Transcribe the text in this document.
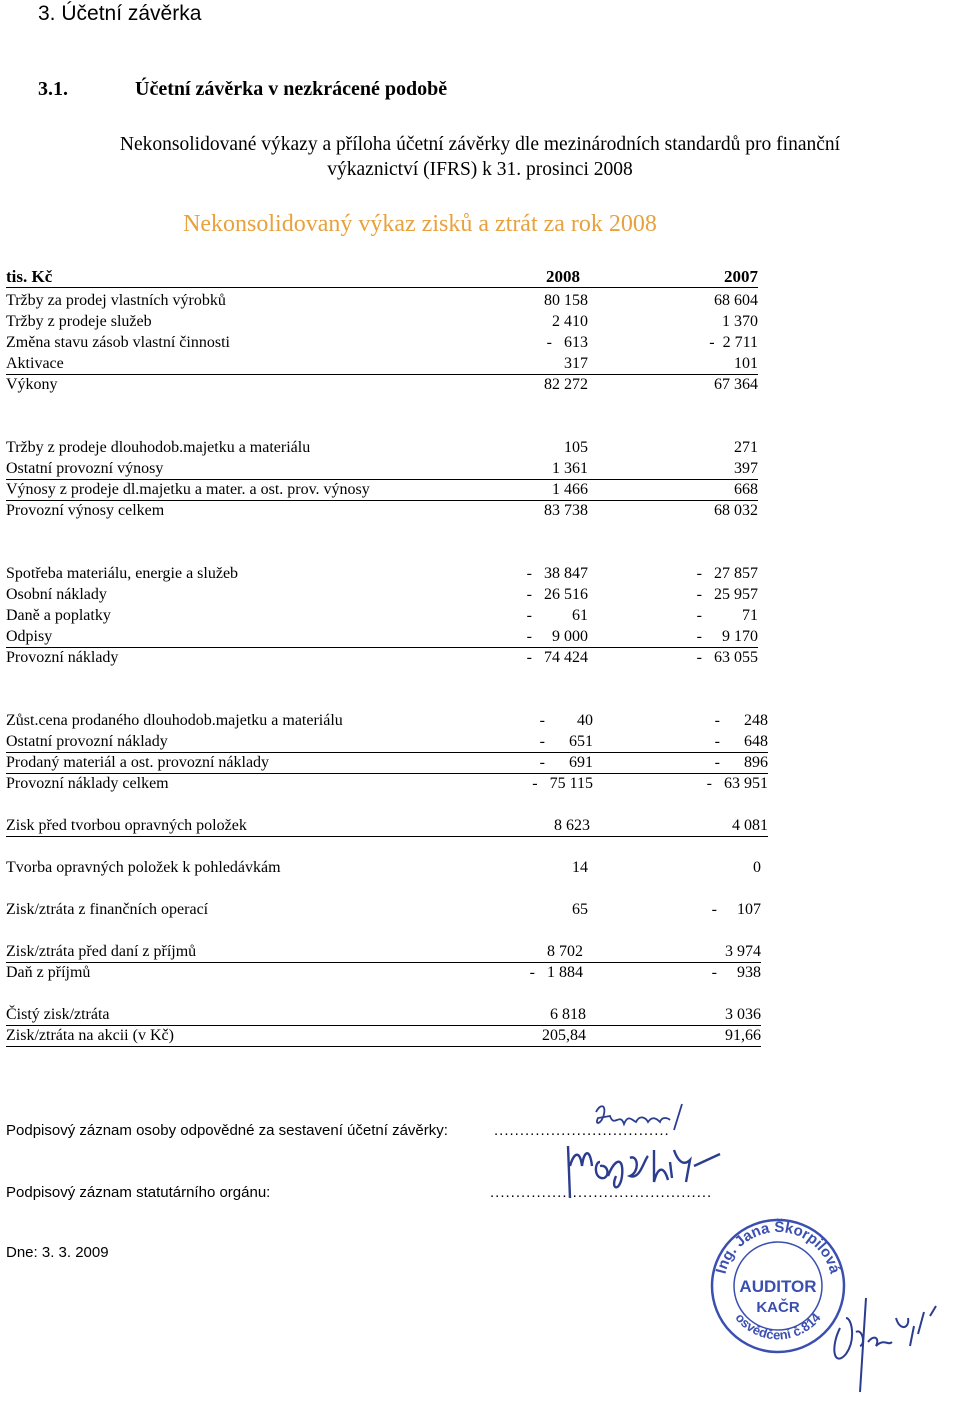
3. Účetní závěrka
3.1.	Účetní závěrka v nezkrácené podobě
Nekonsolidované výkazy a příloha účetní závěrky dle mezinárodních standardů pro finanční
výkaznictví (IFRS) k 31. prosinci 2008
Nekonsolidovaný výkaz zisků a ztrát za rok 2008
tis. Kč	2008	2007
Tržby za prodej vlastních výrobků	80 158	68 604
Tržby z prodeje služeb	2 410	1 370
Změna stavu zásob vlastní činnosti	-   613	-  2 711
Aktivace	317	101
Výkony	82 272	67 364
Tržby z prodeje dlouhodob.majetku a materiálu	105	271
Ostatní provozní výnosy	1 361	397
Výnosy z prodeje dl.majetku a mater. a ost. prov. výnosy	1 466	668
Provozní výnosy celkem	83 738	68 032
Spotřeba materiálu, energie a služeb	-   38 847	-   27 857
Osobní náklady	-   26 516	-   25 957
Daně a poplatky	-          61	-          71
Odpisy	-     9 000	-     9 170
Provozní náklady	-   74 424	-   63 055
Zůst.cena prodaného dlouhodob.majetku a materiálu	-        40	-      248
Ostatní provozní náklady	-      651	-      648
Prodaný materiál a ost. provozní náklady	-      691	-      896
Provozní náklady celkem	-   75 115	-   63 951
Zisk před tvorbou opravných položek	8 623	4 081
Tvorba opravných položek k pohledávkám	14	0
Zisk/ztráta z finančních operací	65	-     107
Zisk/ztráta před daní z příjmů	8 702	3 974
Daň z příjmů	-   1 884	-     938
Čistý zisk/ztráta	6 818	3 036
Zisk/ztráta na akcii (v Kč)	205,84	91,66
Podpisový záznam osoby odpovědné za sestavení účetní závěrky:	..................................
Podpisový záznam statutárního orgánu:	...........................................
Dne: 3. 3. 2009
Ing. Jana Škorpilová
osvědčení č.814
AUDITOR
KAČR
